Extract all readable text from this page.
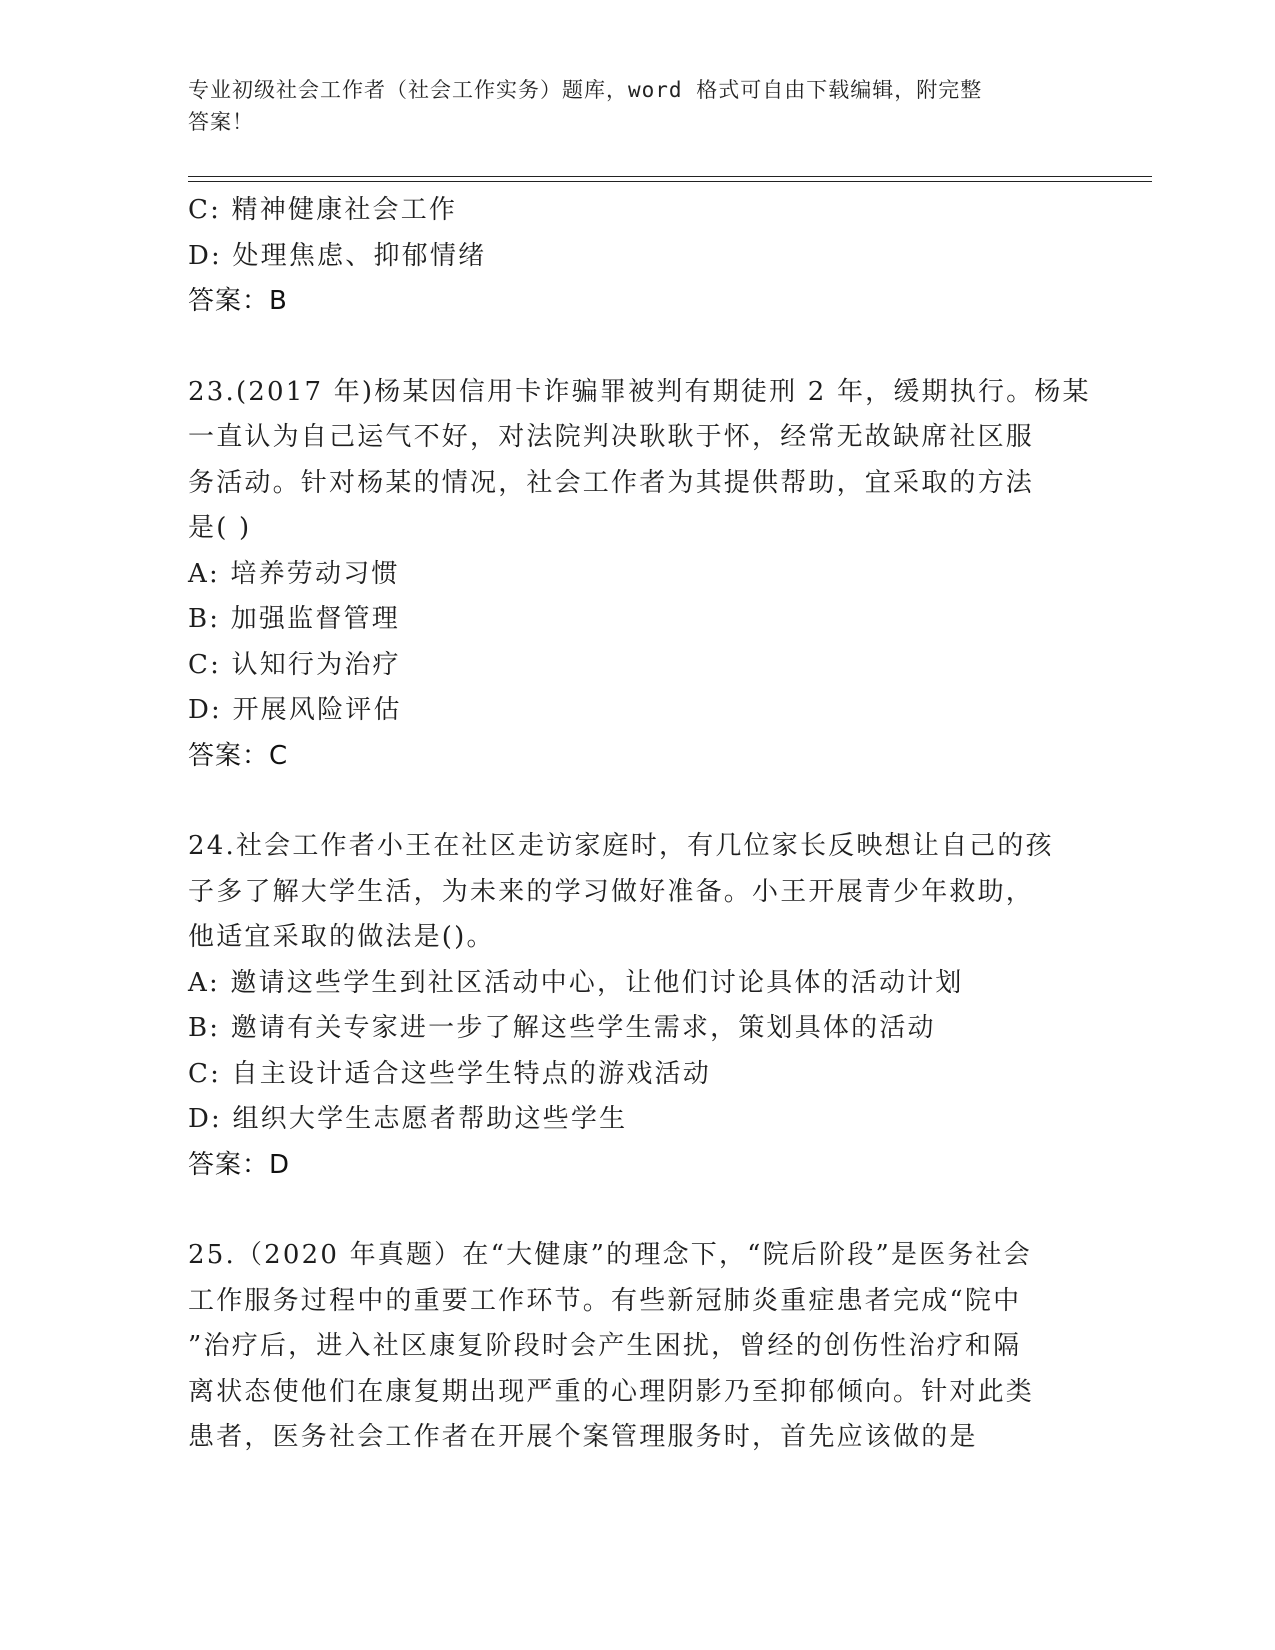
专业初级社会工作者（社会工作实务）题库，word 格式可自由下载编辑，附完整
答案！
C: 精神健康社会工作
D: 处理焦虑、抑郁情绪
答案：B
23.(2017 年)杨某因信用卡诈骗罪被判有期徒刑 2 年，缓期执行。杨某
一直认为自己运气不好，对法院判决耿耿于怀，经常无故缺席社区服
务活动。针对杨某的情况，社会工作者为其提供帮助，宜采取的方法
是( )
A: 培养劳动习惯
B: 加强监督管理
C: 认知行为治疗
D: 开展风险评估
答案：C
24.社会工作者小王在社区走访家庭时，有几位家长反映想让自己的孩
子多了解大学生活，为未来的学习做好准备。小王开展青少年救助，
他适宜采取的做法是()。
A: 邀请这些学生到社区活动中心，让他们讨论具体的活动计划
B: 邀请有关专家进一步了解这些学生需求，策划具体的活动
C: 自主设计适合这些学生特点的游戏活动
D: 组织大学生志愿者帮助这些学生
答案：D
25.（2020 年真题）在“大健康”的理念下，“院后阶段”是医务社会
工作服务过程中的重要工作环节。有些新冠肺炎重症患者完成“院中
”治疗后，进入社区康复阶段时会产生困扰，曾经的创伤性治疗和隔
离状态使他们在康复期出现严重的心理阴影乃至抑郁倾向。针对此类
患者，医务社会工作者在开展个案管理服务时，首先应该做的是
